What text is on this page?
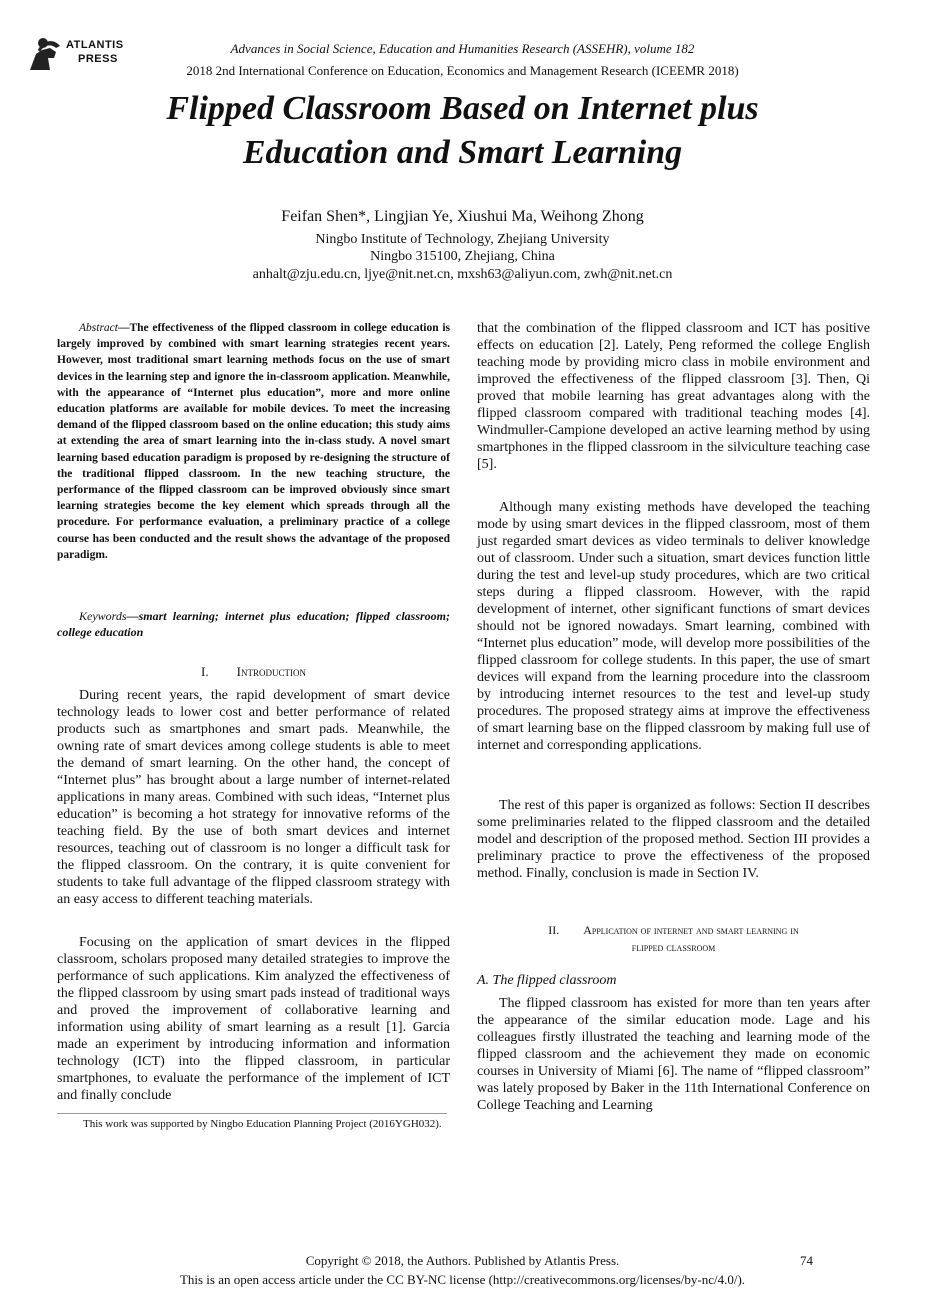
ATLANTIS
PRESS
Advances in Social Science, Education and Humanities Research (ASSEHR), volume 182
2018 2nd International Conference on Education, Economics and Management Research (ICEEMR 2018)
Flipped Classroom Based on Internet plus
Education and Smart Learning
Feifan Shen*, Lingjian Ye, Xiushui Ma, Weihong Zhong
Ningbo Institute of Technology, Zhejiang University
Ningbo 315100, Zhejiang, China
anhalt@zju.edu.cn, ljye@nit.net.cn, mxsh63@aliyun.com, zwh@nit.net.cn
Abstract—The effectiveness of the flipped classroom in college education is largely improved by combined with smart learning strategies recent years. However, most traditional smart learning methods focus on the use of smart devices in the learning step and ignore the in-classroom application. Meanwhile, with the appearance of “Internet plus education”, more and more online education platforms are available for mobile devices. To meet the increasing demand of the flipped classroom based on the online education; this study aims at extending the area of smart learning into the in-class study. A novel smart learning based education paradigm is proposed by re-designing the structure of the traditional flipped classroom. In the new teaching structure, the performance of the flipped classroom can be improved obviously since smart learning strategies become the key element which spreads through all the procedure. For performance evaluation, a preliminary practice of a college course has been conducted and the result shows the advantage of the proposed paradigm.
Keywords—smart learning; internet plus education; flipped classroom; college education
I. Introduction

During recent years, the rapid development of smart device technology leads to lower cost and better performance of related products such as smartphones and smart pads. Meanwhile, the owning rate of smart devices among college students is able to meet the demand of smart learning. On the other hand, the concept of “Internet plus” has brought about a large number of internet-related applications in many areas. Combined with such ideas, “Internet plus education” is becoming a hot strategy for innovative reforms of the teaching field. By the use of both smart devices and internet resources, teaching out of classroom is no longer a difficult task for the flipped classroom. On the contrary, it is quite convenient for students to take full advantage of the flipped classroom strategy with an easy access to different teaching materials.

Focusing on the application of smart devices in the flipped classroom, scholars proposed many detailed strategies to improve the performance of such applications. Kim analyzed the effectiveness of the flipped classroom by using smart pads instead of traditional ways and proved the improvement of collaborative learning and information using ability of smart learning as a result [1]. Garcia made an experiment by introducing information and information technology (ICT) into the flipped classroom, in particular smartphones, to evaluate the performance of the implement of ICT and finally conclude

This work was supported by Ningbo Education Planning Project (2016YGH032).

that the combination of the flipped classroom and ICT has positive effects on education [2]. Lately, Peng reformed the college English teaching mode by providing micro class in mobile environment and improved the effectiveness of the flipped classroom [3]. Then, Qi proved that mobile learning has great advantages along with the flipped classroom compared with traditional teaching modes [4]. Windmuller-Campione developed an active learning method by using smartphones in the flipped classroom in the silviculture teaching case [5].

Although many existing methods have developed the teaching mode by using smart devices in the flipped classroom, most of them just regarded smart devices as video terminals to deliver knowledge out of classroom. Under such a situation, smart devices function little during the test and level-up study procedures, which are two critical steps during a flipped classroom. However, with the rapid development of internet, other significant functions of smart devices should not be ignored nowadays. Smart learning, combined with “Internet plus education” mode, will develop more possibilities of the flipped classroom for college students. In this paper, the use of smart devices will expand from the learning procedure into the classroom by introducing internet resources to the test and level-up study procedures. The proposed strategy aims at improve the effectiveness of smart learning base on the flipped classroom by making full use of internet and corresponding applications.

The rest of this paper is organized as follows: Section II describes some preliminaries related to the flipped classroom and the detailed model and description of the proposed method. Section III provides a preliminary practice to prove the effectiveness of the proposed method. Finally, conclusion is made in Section IV.

II. Application of internet and smart learning in
flipped classroom
A. The flipped classroom

The flipped classroom has existed for more than ten years after the appearance of the similar education mode. Lage and his colleagues firstly illustrated the teaching and learning mode of the flipped classroom and the achievement they made on economic courses in University of Miami [6]. The name of “flipped classroom” was lately proposed by Baker in the 11th International Conference on College Teaching and Learning

Copyright © 2018, the Authors. Published by Atlantis Press.	74
This is an open access article under the CC BY-NC license (http://creativecommons.org/licenses/by-nc/4.0/).
